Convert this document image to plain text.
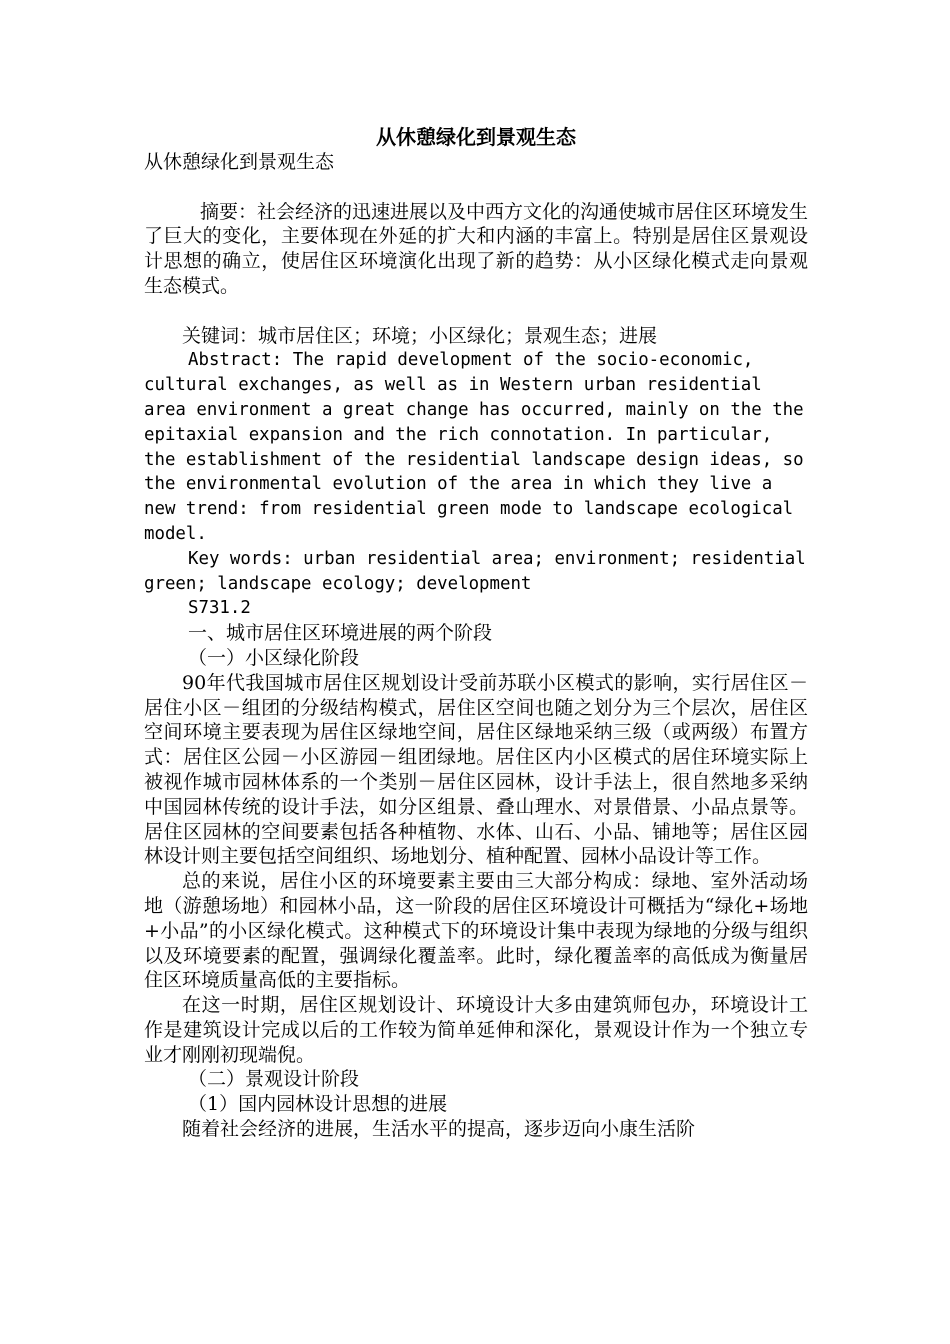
从休憩绿化到景观生态

从休憩绿化到景观生态

摘要：社会经济的迅速进展以及中西方文化的沟通使城市居住区环境发生了巨大的变化，主要体现在外延的扩大和内涵的丰富上。特别是居住区景观设计思想的确立，使居住区环境演化出现了新的趋势：从小区绿化模式走向景观生态模式。

关键词：城市居住区；环境；小区绿化；景观生态；进展

Abstract: The rapid development of the socio-economic, cultural exchanges, as well as in Western urban residential area environment a great change has occurred, mainly on the the epitaxial expansion and the rich connotation. In particular, the establishment of the residential landscape design ideas, so the environmental evolution of the area in which they live a new trend: from residential green mode to landscape ecological model.

Key words: urban residential area; environment; residential green; landscape ecology; development

S731.2

一、城市居住区环境进展的两个阶段

（一）小区绿化阶段

90年代我国城市居住区规划设计受前苏联小区模式的影响，实行居住区－居住小区－组团的分级结构模式，居住区空间也随之划分为三个层次，居住区空间环境主要表现为居住区绿地空间，居住区绿地采纳三级（或两级）布置方式：居住区公园－小区游园－组团绿地。居住区内小区模式的居住环境实际上被视作城市园林体系的一个类别－居住区园林，设计手法上，很自然地多采纳中国园林传统的设计手法，如分区组景、叠山理水、对景借景、小品点景等。居住区园林的空间要素包括各种植物、水体、山石、小品、铺地等；居住区园林设计则主要包括空间组织、场地划分、植种配置、园林小品设计等工作。

总的来说，居住小区的环境要素主要由三大部分构成：绿地、室外活动场地（游憩场地）和园林小品，这一阶段的居住区环境设计可概括为“绿化+场地+小品”的小区绿化模式。这种模式下的环境设计集中表现为绿地的分级与组织以及环境要素的配置，强调绿化覆盖率。此时，绿化覆盖率的高低成为衡量居住区环境质量高低的主要指标。

在这一时期，居住区规划设计、环境设计大多由建筑师包办，环境设计工作是建筑设计完成以后的工作较为简单延伸和深化，景观设计作为一个独立专业才刚刚初现端倪。

（二）景观设计阶段

（1）国内园林设计思想的进展

随着社会经济的进展，生活水平的提高，逐步迈向小康生活阶
